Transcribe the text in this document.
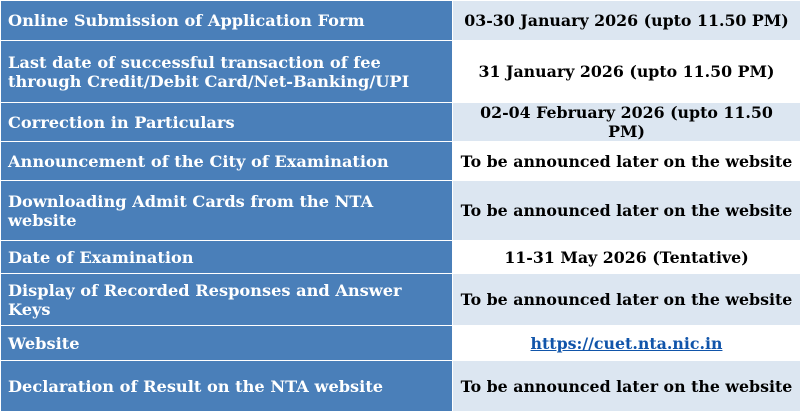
Online Submission of Application Form	03-30 January 2026 (upto 11.50 PM)
Last date of successful transaction of fee through Credit/Debit Card/Net-Banking/UPI	31 January 2026 (upto 11.50 PM)
Correction in Particulars	02-04 February 2026 (upto 11.50 PM)
Announcement of the City of Examination	To be announced later on the website
Downloading Admit Cards from the NTA website	To be announced later on the website
Date of Examination	11-31 May 2026 (Tentative)
Display of Recorded Responses and Answer Keys	To be announced later on the website
Website	https://cuet.nta.nic.in
Declaration of Result on the NTA website	To be announced later on the website
